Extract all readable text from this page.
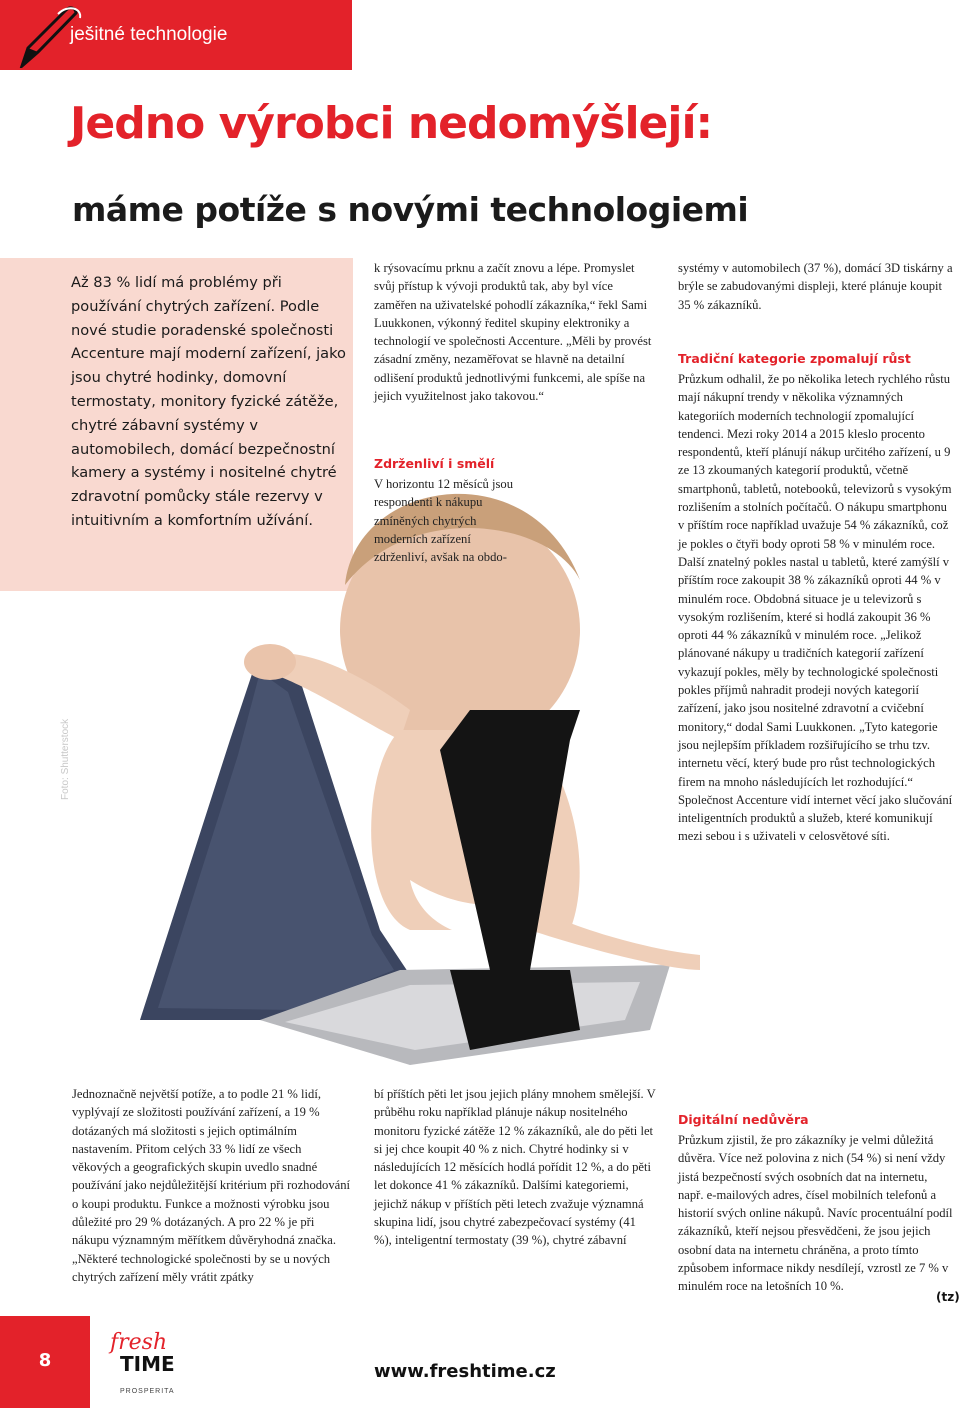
ješitné technologie
Jedno výrobci nedomýšlejí:
máme potíže s novými technologiemi

Až 83 % lidí má problémy při používání chytrých zařízení. Podle nové studie poradenské společnosti Accenture mají moderní zařízení, jako jsou chytré hodinky, domovní termostaty, monitory fyzické zátěže, chytré zábavní systémy v automobilech, domácí bezpečnostní kamery a systémy i nositelné chytré zdravotní pomůcky stále rezervy v intuitivním a komfortním užívání.

Foto: Shutterstock

k rýsovacímu prknu a začít znovu a lépe. Promyslet svůj přístup k vývoji produktů tak, aby byl více zaměřen na uživatelské pohodlí zákazníka,“ řekl Sami Luukkonen, výkonný ředitel skupiny elektroniky a technologií ve společnosti Accenture. „Měli by provést zásadní změny, nezaměřovat se hlavně na detailní odlišení produktů jednotlivými funkcemi, ale spíše na jejich využitelnost jako takovou.“

Zdrženliví i smělí

V horizontu 12 měsíců jsou respondenti k nákupu zmíněných chytrých moderních zařízení zdrženliví, avšak na obdo-

Jednoznačně největší potíže, a to podle 21 % lidí, vyplývají ze složitosti používání zařízení, a 19 % dotázaných má složitosti s jejich optimálním nastavením. Přitom celých 33 % lidí ze všech věkových a geografických skupin uvedlo snadné používání jako nejdůležitější kritérium při rozhodování o koupi produktu. Funkce a možnosti výrobku jsou důležité pro 29 % dotázaných. A pro 22 % je při nákupu významným měřítkem důvěryhodná značka. „Některé technologické společnosti by se u nových chytrých zařízení měly vrátit zpátky

bí příštích pěti let jsou jejich plány mnohem smělejší. V průběhu roku například plánuje nákup nositelného monitoru fyzické zátěže 12 % zákazníků, ale do pěti let si jej chce koupit 40 % z nich. Chytré hodinky si v následujících 12 měsících hodlá pořídit 12 %, a do pěti let dokonce 41 % zákazníků. Dalšími kategoriemi, jejichž nákup v příštích pěti letech zvažuje významná skupina lidí, jsou chytré zabezpečovací systémy (41 %), inteligentní termostaty (39 %), chytré zábavní

systémy v automobilech (37 %), domácí 3D tiskárny a brýle se zabudovanými displeji, které plánuje koupit 35 % zákazníků.

Tradiční kategorie zpomalují růst

Průzkum odhalil, že po několika letech rychlého růstu mají nákupní trendy v několika významných kategoriích moderních technologií zpomalující tendenci. Mezi roky 2014 a 2015 kleslo procento respondentů, kteří plánují nákup určitého zařízení, u 9 ze 13 zkoumaných kategorií produktů, včetně smartphonů, tabletů, notebooků, televizorů s vysokým rozlišením a stolních počítačů. O nákupu smartphonu v příštím roce například uvažuje 54 % zákazníků, což je pokles o čtyři body oproti 58 % v minulém roce. Další znatelný pokles nastal u tabletů, které zamýšlí v příštím roce zakoupit 38 % zákazníků oproti 44 % v minulém roce. Obdobná situace je u televizorů s vysokým rozlišením, které si hodlá zakoupit 36 % oproti 44 % zákazníků v minulém roce. „Jelikož plánované nákupy u tradičních kategorií zařízení vykazují pokles, měly by technologické společnosti pokles příjmů nahradit prodeji nových kategorií zařízení, jako jsou nositelné zdravotní a cvičební monitory,“ dodal Sami Luukkonen. „Tyto kategorie jsou nejlepším příkladem rozšiřujícího se trhu tzv. internetu věcí, který bude pro růst technologických firem na mnoho následujících let rozhodující.“ Společnost Accenture vidí internet věcí jako slučování inteligentních produktů a služeb, které komunikují mezi sebou i s uživateli v celosvětové síti.

Digitální nedůvěra

Průzkum zjistil, že pro zákazníky je velmi důležitá důvěra. Více než polovina z nich (54 %) si není vždy jistá bezpečností svých osobních dat na internetu, např. e-mailových adres, čísel mobilních telefonů a historií svých online nákupů. Navíc procentuální podíl zákazníků, kteří nejsou přesvědčeni, že jsou jejich osobní data na internetu chráněna, a proto tímto způsobem informace nikdy nesdílejí, vzrostl ze 7 % v minulém roce na letošních 10 %.

(tz)
8
fresh
TIME
PROSPERITA
www.freshtime.cz
